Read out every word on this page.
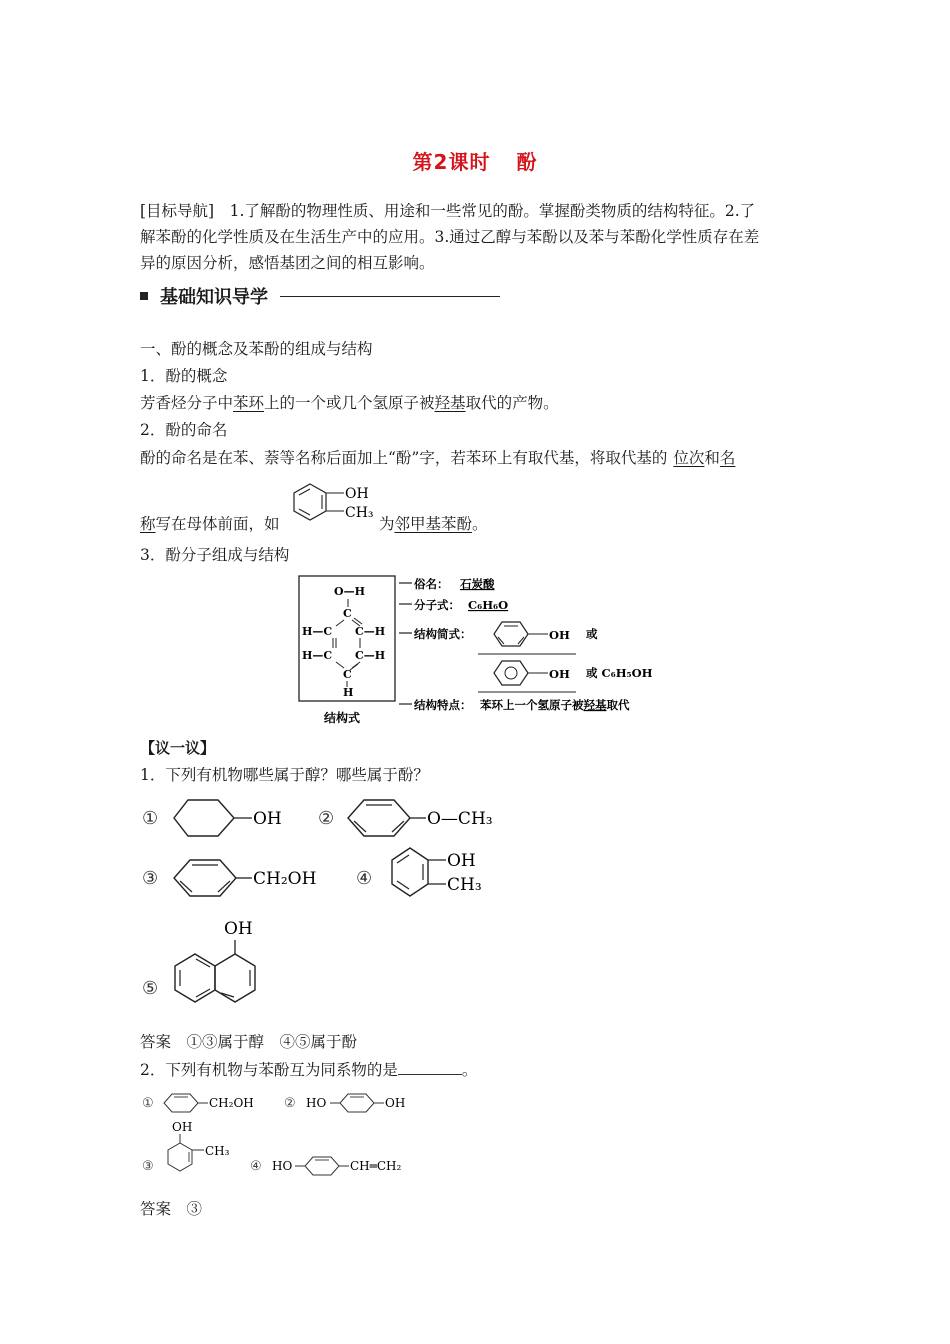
第2课时 酚
[目标导航]　1.了解酚的物理性质、用途和一些常见的酚。掌握酚类物质的结构特征。2.了
解苯酚的化学性质及在生活生产中的应用。3.通过乙醇与苯酚以及苯与苯酚化学性质存在差
异的原因分析，感悟基团之间的相互影响。
基础知识导学
一、酚的概念及苯酚的组成与结构
1．酚的概念
芳香烃分子中苯环上的一个或几个氢原子被羟基取代的产物。
2．酚的命名
酚的命名是在苯、萘等名称后面加上“酚”字，若苯环上有取代基，将取代基的 位次和名
称写在母体前面，如
OH
CH₃
为邻甲基苯酚。
3．酚分子组成与结构
O—H
C
H—C C—H
H—C C—H
C
H
结构式
俗名： 石炭酸
分子式： C₆H₆O
结构简式：	或
或 C₆H₅OH
结构特点： 苯环上一个氢原子被羟基取代
OH
OH
【议一议】
1．下列有机物哪些属于醇？哪些属于酚？
①	②
③	④
⑤
OH	O—CH₃
CH₂OH
OH
CH₃
OH
答案　①③属于醇　④⑤属于酚
2．下列有机物与苯酚互为同系物的是	。
①	②
③	④
CH₂OH	HO	OH
OH
CH₃
HO	CH═CH₂
答案　③
